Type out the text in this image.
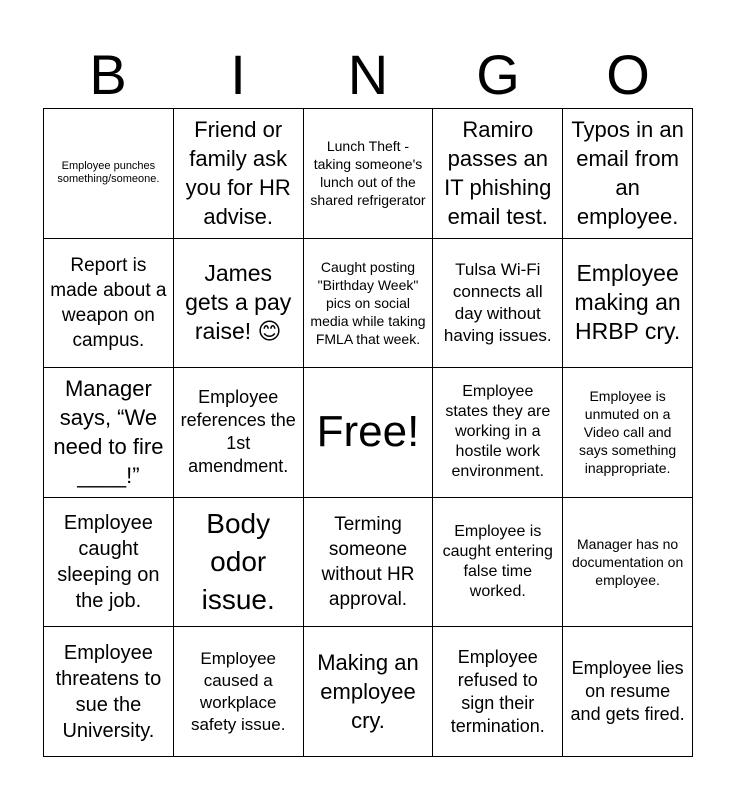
B	I	N	G	O
Employee punches something/someone.
Friend or family ask you for HR advise.
Lunch Theft - taking someone's lunch out of the shared refrigerator
Ramiro passes an IT phishing email test.
Typos in an email from an employee.
Report is made about a weapon on campus.
James gets a pay raise! 😊
Caught posting "Birthday Week" pics on social media while taking FMLA that week.
Tulsa Wi-Fi connects all day without having issues.
Employee making an HRBP cry.
Manager says, “We need to fire ____!”
Employee references the 1st amendment.
Free!
Employee states they are working in a hostile work environment.
Employee is unmuted on a Video call and says something inappropriate.
Employee caught sleeping on the job.
Body odor issue.
Terming someone without HR approval.
Employee is caught entering false time worked.
Manager has no documentation on employee.
Employee threatens to sue the University.
Employee caused a workplace safety issue.
Making an employee cry.
Employee refused to sign their termination.
Employee lies on resume and gets fired.
